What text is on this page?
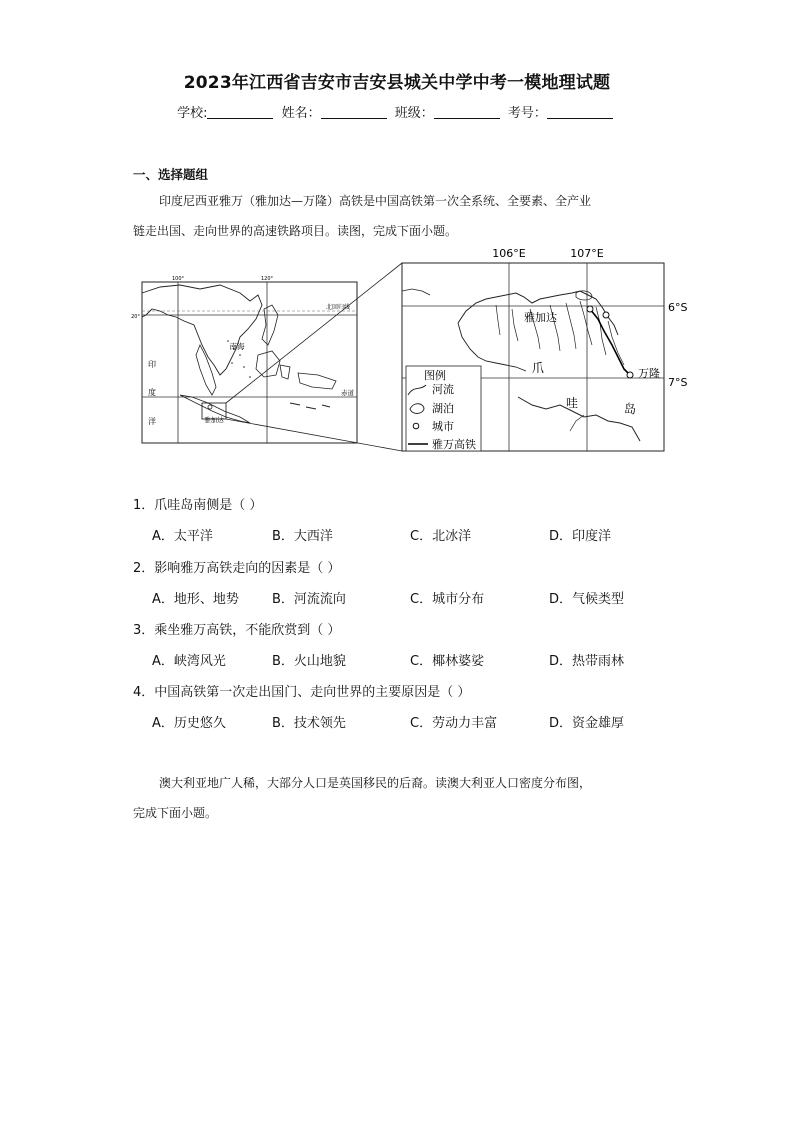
2023年江西省吉安市吉安县城关中学中考一模地理试题
学校:	姓名：	班级：	考号：
一、选择题组
印度尼西亚雅万（雅加达—万隆）高铁是中国高铁第一次全系统、全要素、全产业
链走出国、走向世界的高速铁路项目。读图，完成下面小题。
100°	120°
20°
北回归线
南海
赤道
印
度
洋	雅加达
106°E	107°E
6°S
7°S
雅加达
万隆
爪
哇	岛
图例
河流
湖泊
城市
雅万高铁
1．爪哇岛南侧是（ ）
A．太平洋	B．大西洋	C．北冰洋	D．印度洋
2．影响雅万高铁走向的因素是（ ）
A．地形、地势	B．河流流向	C．城市分布	D．气候类型
3．乘坐雅万高铁，不能欣赏到（ ）
A．峡湾风光	B．火山地貌	C．椰林婆娑	D．热带雨林
4．中国高铁第一次走出国门、走向世界的主要原因是（ ）
A．历史悠久	B．技术领先	C．劳动力丰富	D．资金雄厚
澳大利亚地广人稀，大部分人口是英国移民的后裔。读澳大利亚人口密度分布图，
完成下面小题。
